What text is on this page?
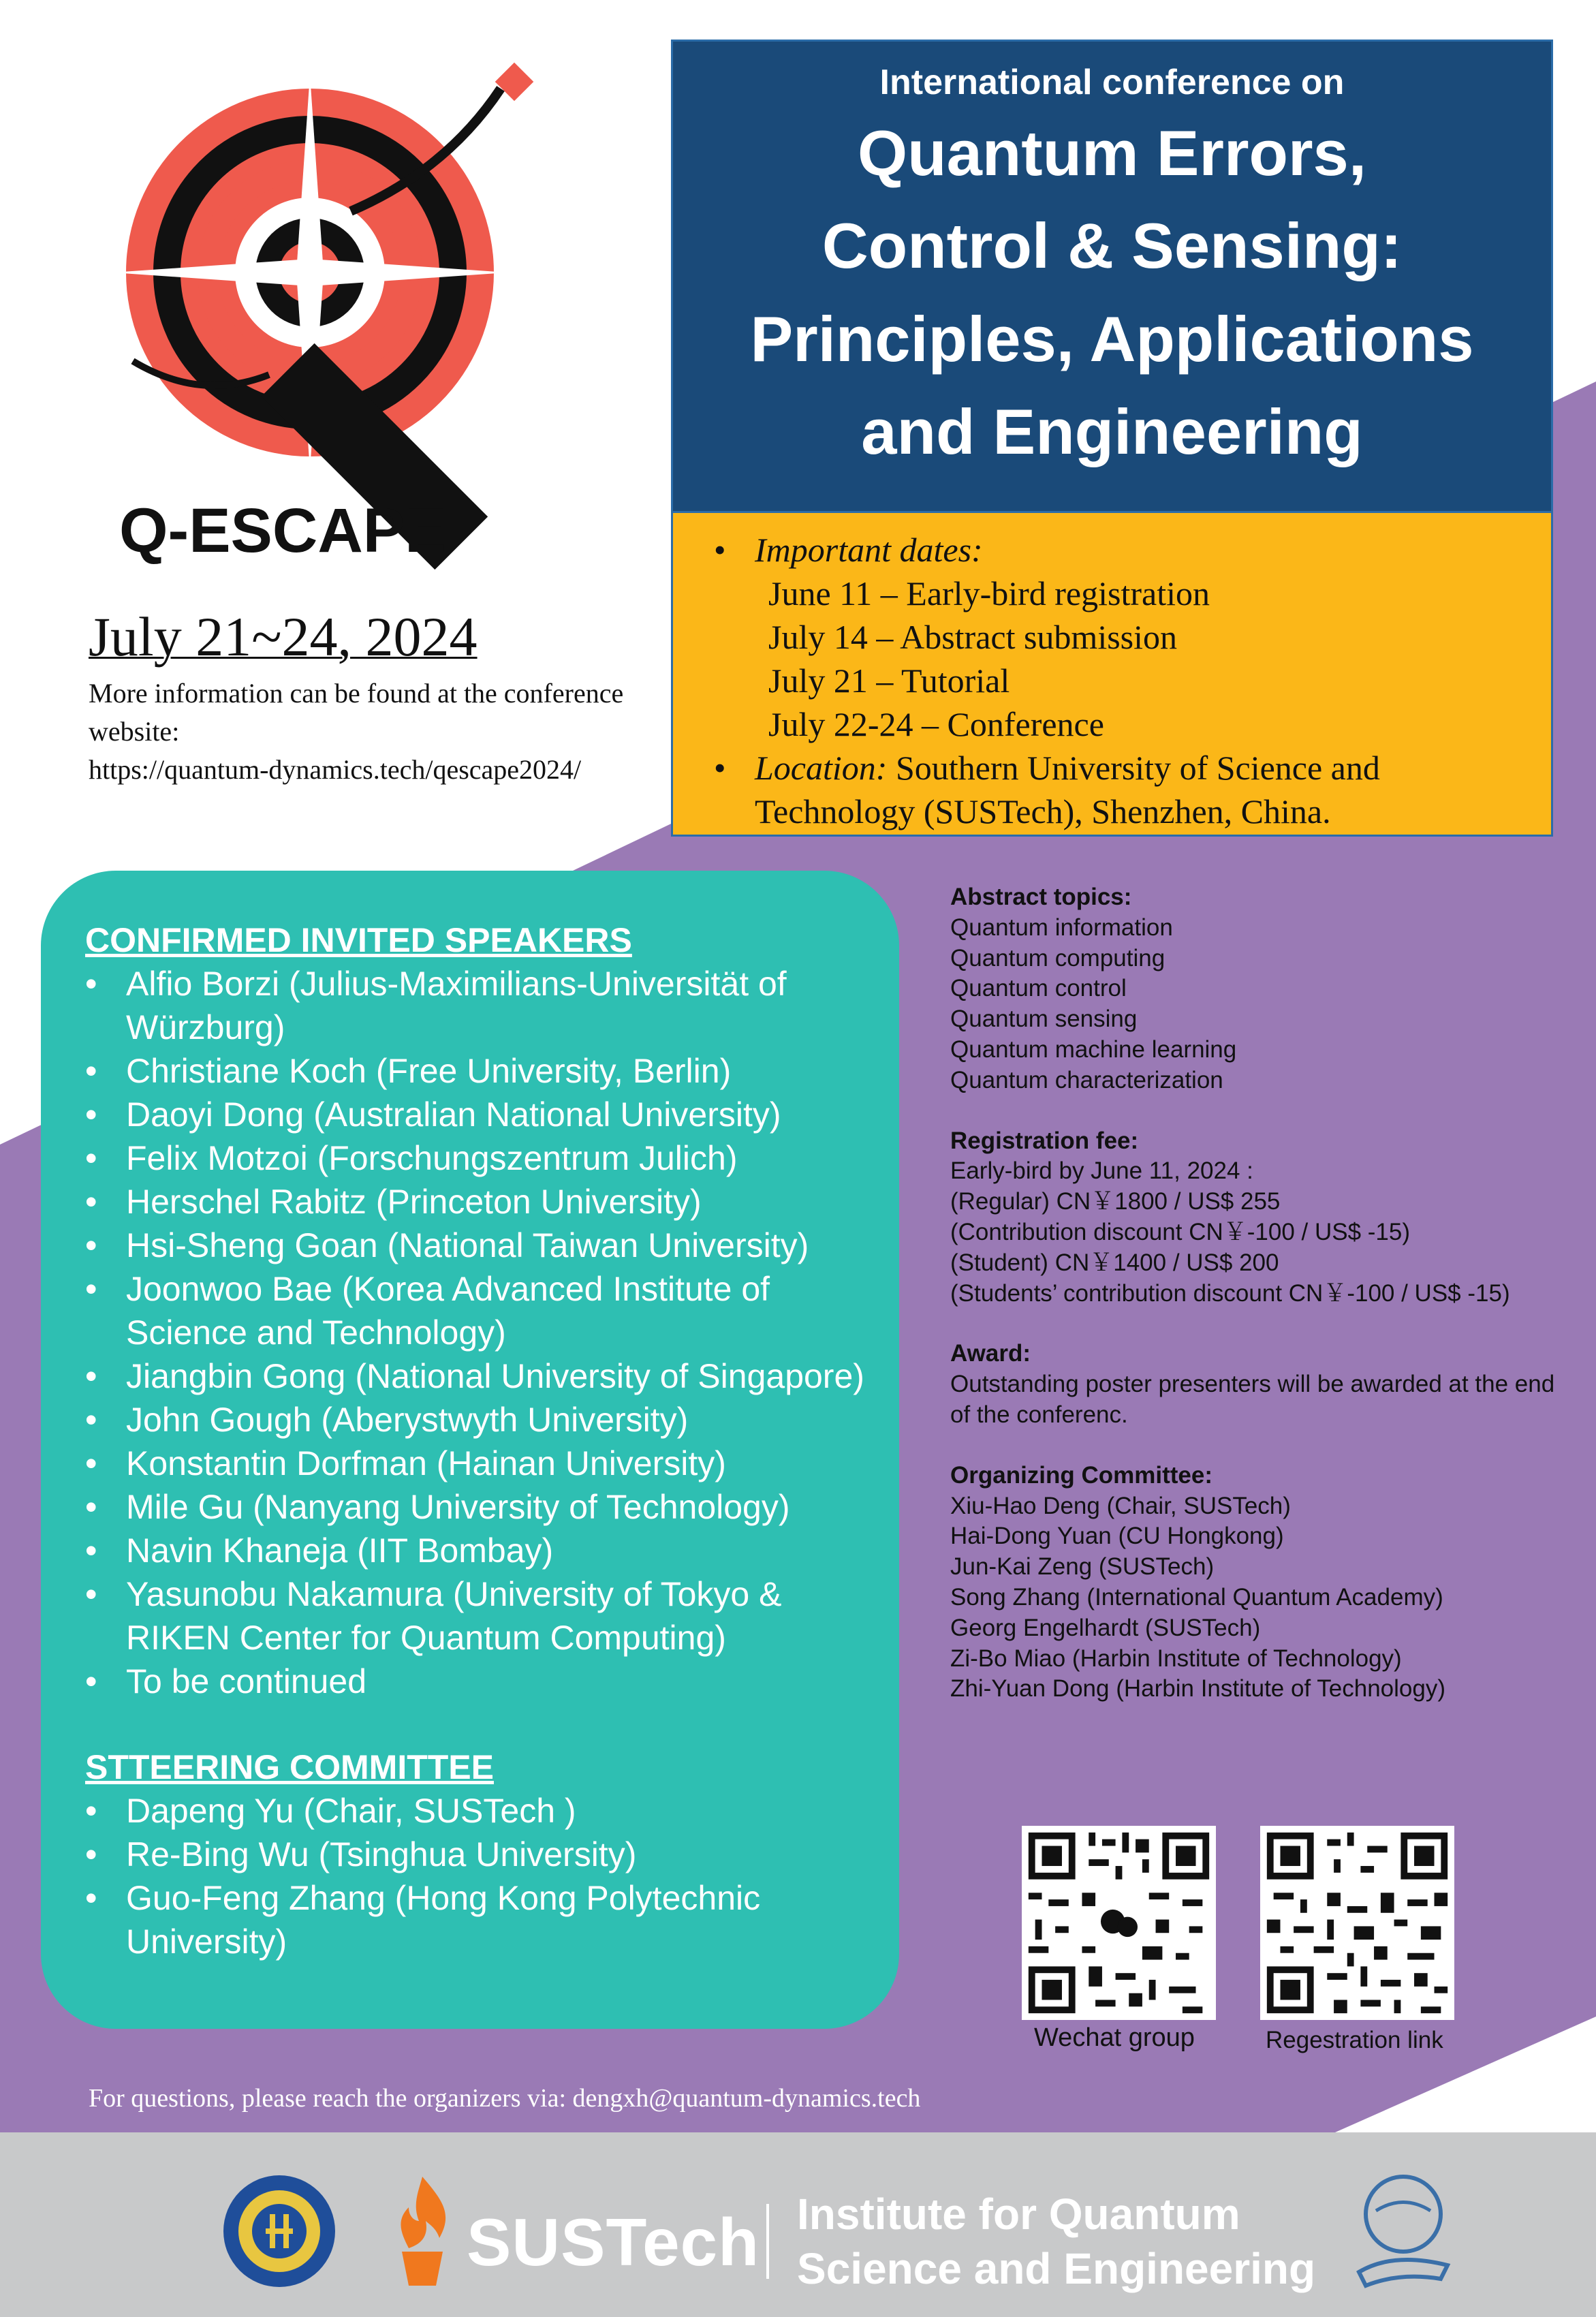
Q-ESCAPE

July 21~24, 2024

More information can be found at the conference website:
https://quantum-dynamics.tech/qescape2024/
International conference on
Quantum Errors,
Control & Sensing:
Principles, Applications
and Engineering
• Important dates:
June 11 – Early-bird registration
July 14 – Abstract submission
July 21 – Tutorial
July 22-24 – Conference
• Location: Southern University of Science and Technology (SUSTech), Shenzhen, China.

CONFIRMED INVITED SPEAKERS

• Alfio Borzi (Julius-Maximilians-Universität of Würzburg)
• Christiane Koch (Free University, Berlin)
• Daoyi Dong (Australian National University)
• Felix Motzoi (Forschungszentrum Julich)
• Herschel Rabitz (Princeton University)
• Hsi-Sheng Goan (National Taiwan University)
• Joonwoo Bae (Korea Advanced Institute of Science and Technology)
• Jiangbin Gong (National University of Singapore)
• John Gough (Aberystwyth University)
• Konstantin Dorfman (Hainan University)
• Mile Gu (Nanyang University of Technology)
• Navin Khaneja (IIT Bombay)
• Yasunobu Nakamura (University of Tokyo & RIKEN Center for Quantum Computing)
• To be continued

STTEERING COMMITTEE

• Dapeng Yu (Chair, SUSTech )
• Re-Bing Wu (Tsinghua University)
• Guo-Feng Zhang (Hong Kong Polytechnic University)
Abstract topics:
Quantum information
Quantum computing
Quantum control
Quantum sensing
Quantum machine learning
Quantum characterization
Registration fee:
Early-bird by June 11, 2024 :
(Regular) CN￥1800 / US$ 255
(Contribution discount CN￥-100 / US$ -15)
(Student) CN￥1400 / US$ 200
(Students’ contribution discount CN￥-100 / US$ -15)
Award:
Outstanding poster presenters will be awarded at the end of the conferenc.
Organizing Committee:
Xiu-Hao Deng (Chair, SUSTech)
Hai-Dong Yuan (CU Hongkong)
Jun-Kai Zeng (SUSTech)
Song Zhang (International Quantum Academy)
Georg Engelhardt (SUSTech)
Zi-Bo Miao (Harbin Institute of Technology)
Zhi-Yuan Dong (Harbin Institute of Technology)
Wechat group	Regestration link
For questions, please reach the organizers via: dengxh@quantum-dynamics.tech
SUSTech Institute for Quantum
Science and Engineering
